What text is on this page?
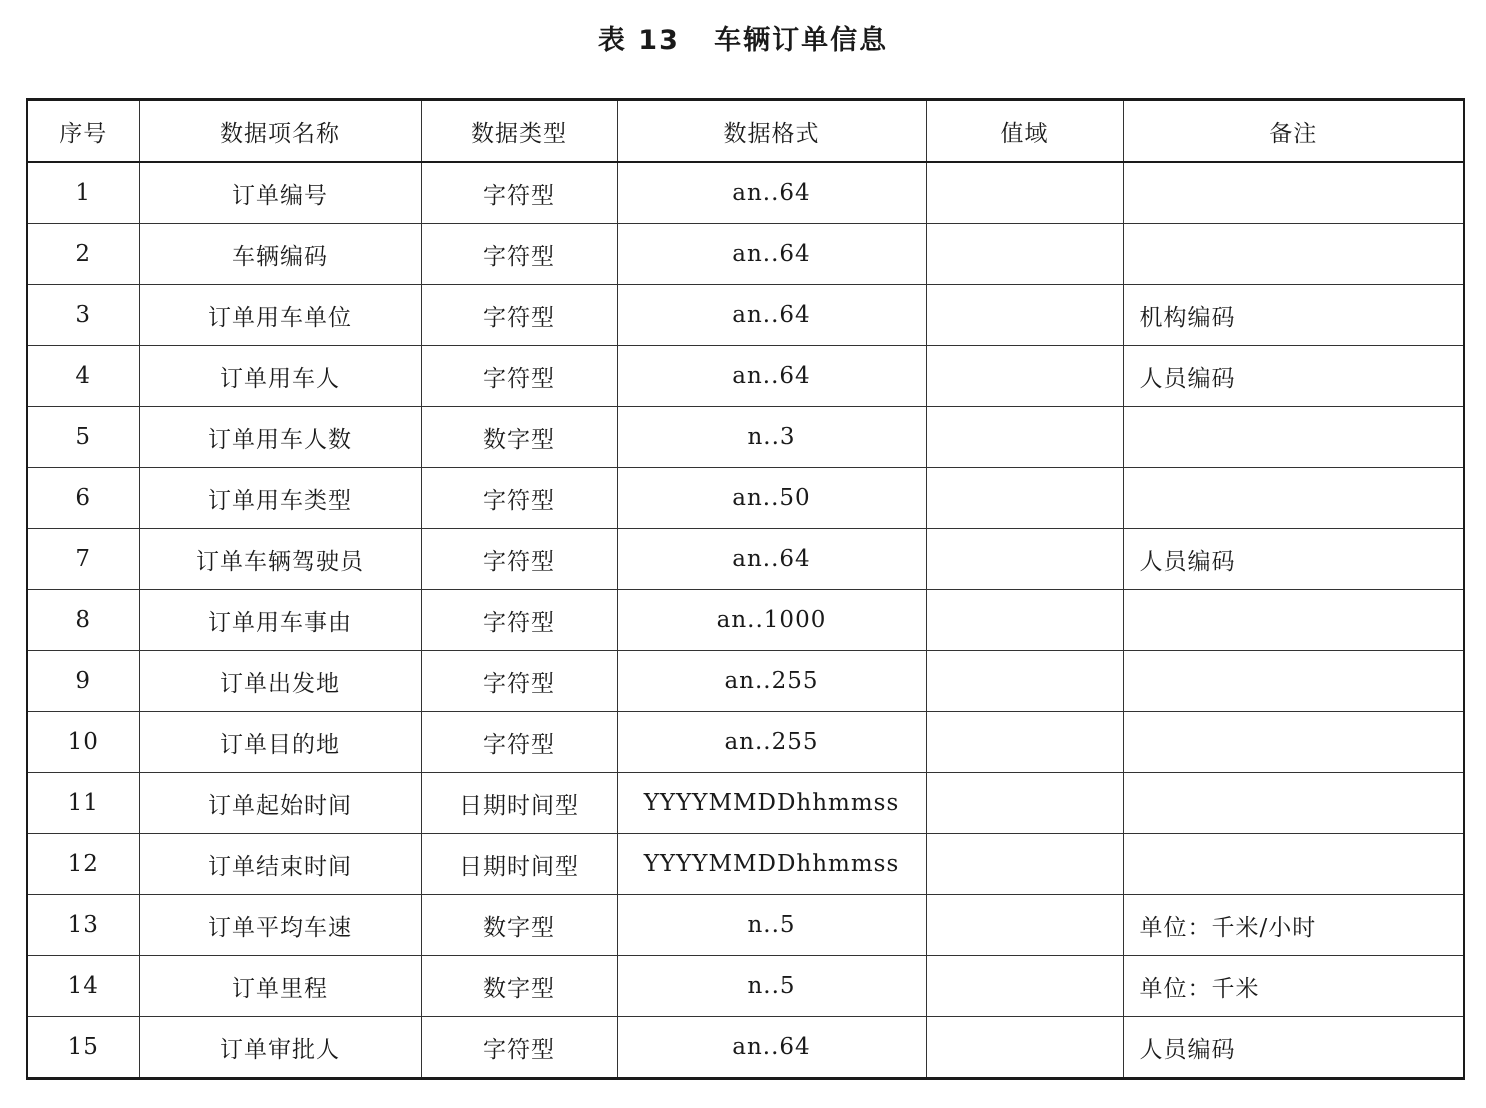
表 13 车辆订单信息
序号	数据项名称	数据类型	数据格式	值域	备注
1	订单编号	字符型	an..64		
2	车辆编码	字符型	an..64		
3	订单用车单位	字符型	an..64		机构编码
4	订单用车人	字符型	an..64		人员编码
5	订单用车人数	数字型	n..3		
6	订单用车类型	字符型	an..50		
7	订单车辆驾驶员	字符型	an..64		人员编码
8	订单用车事由	字符型	an..1000		
9	订单出发地	字符型	an..255		
10	订单目的地	字符型	an..255		
11	订单起始时间	日期时间型	YYYYMMDDhhmmss		
12	订单结束时间	日期时间型	YYYYMMDDhhmmss		
13	订单平均车速	数字型	n..5		单位：千米/小时
14	订单里程	数字型	n..5		单位：千米
15	订单审批人	字符型	an..64		人员编码
